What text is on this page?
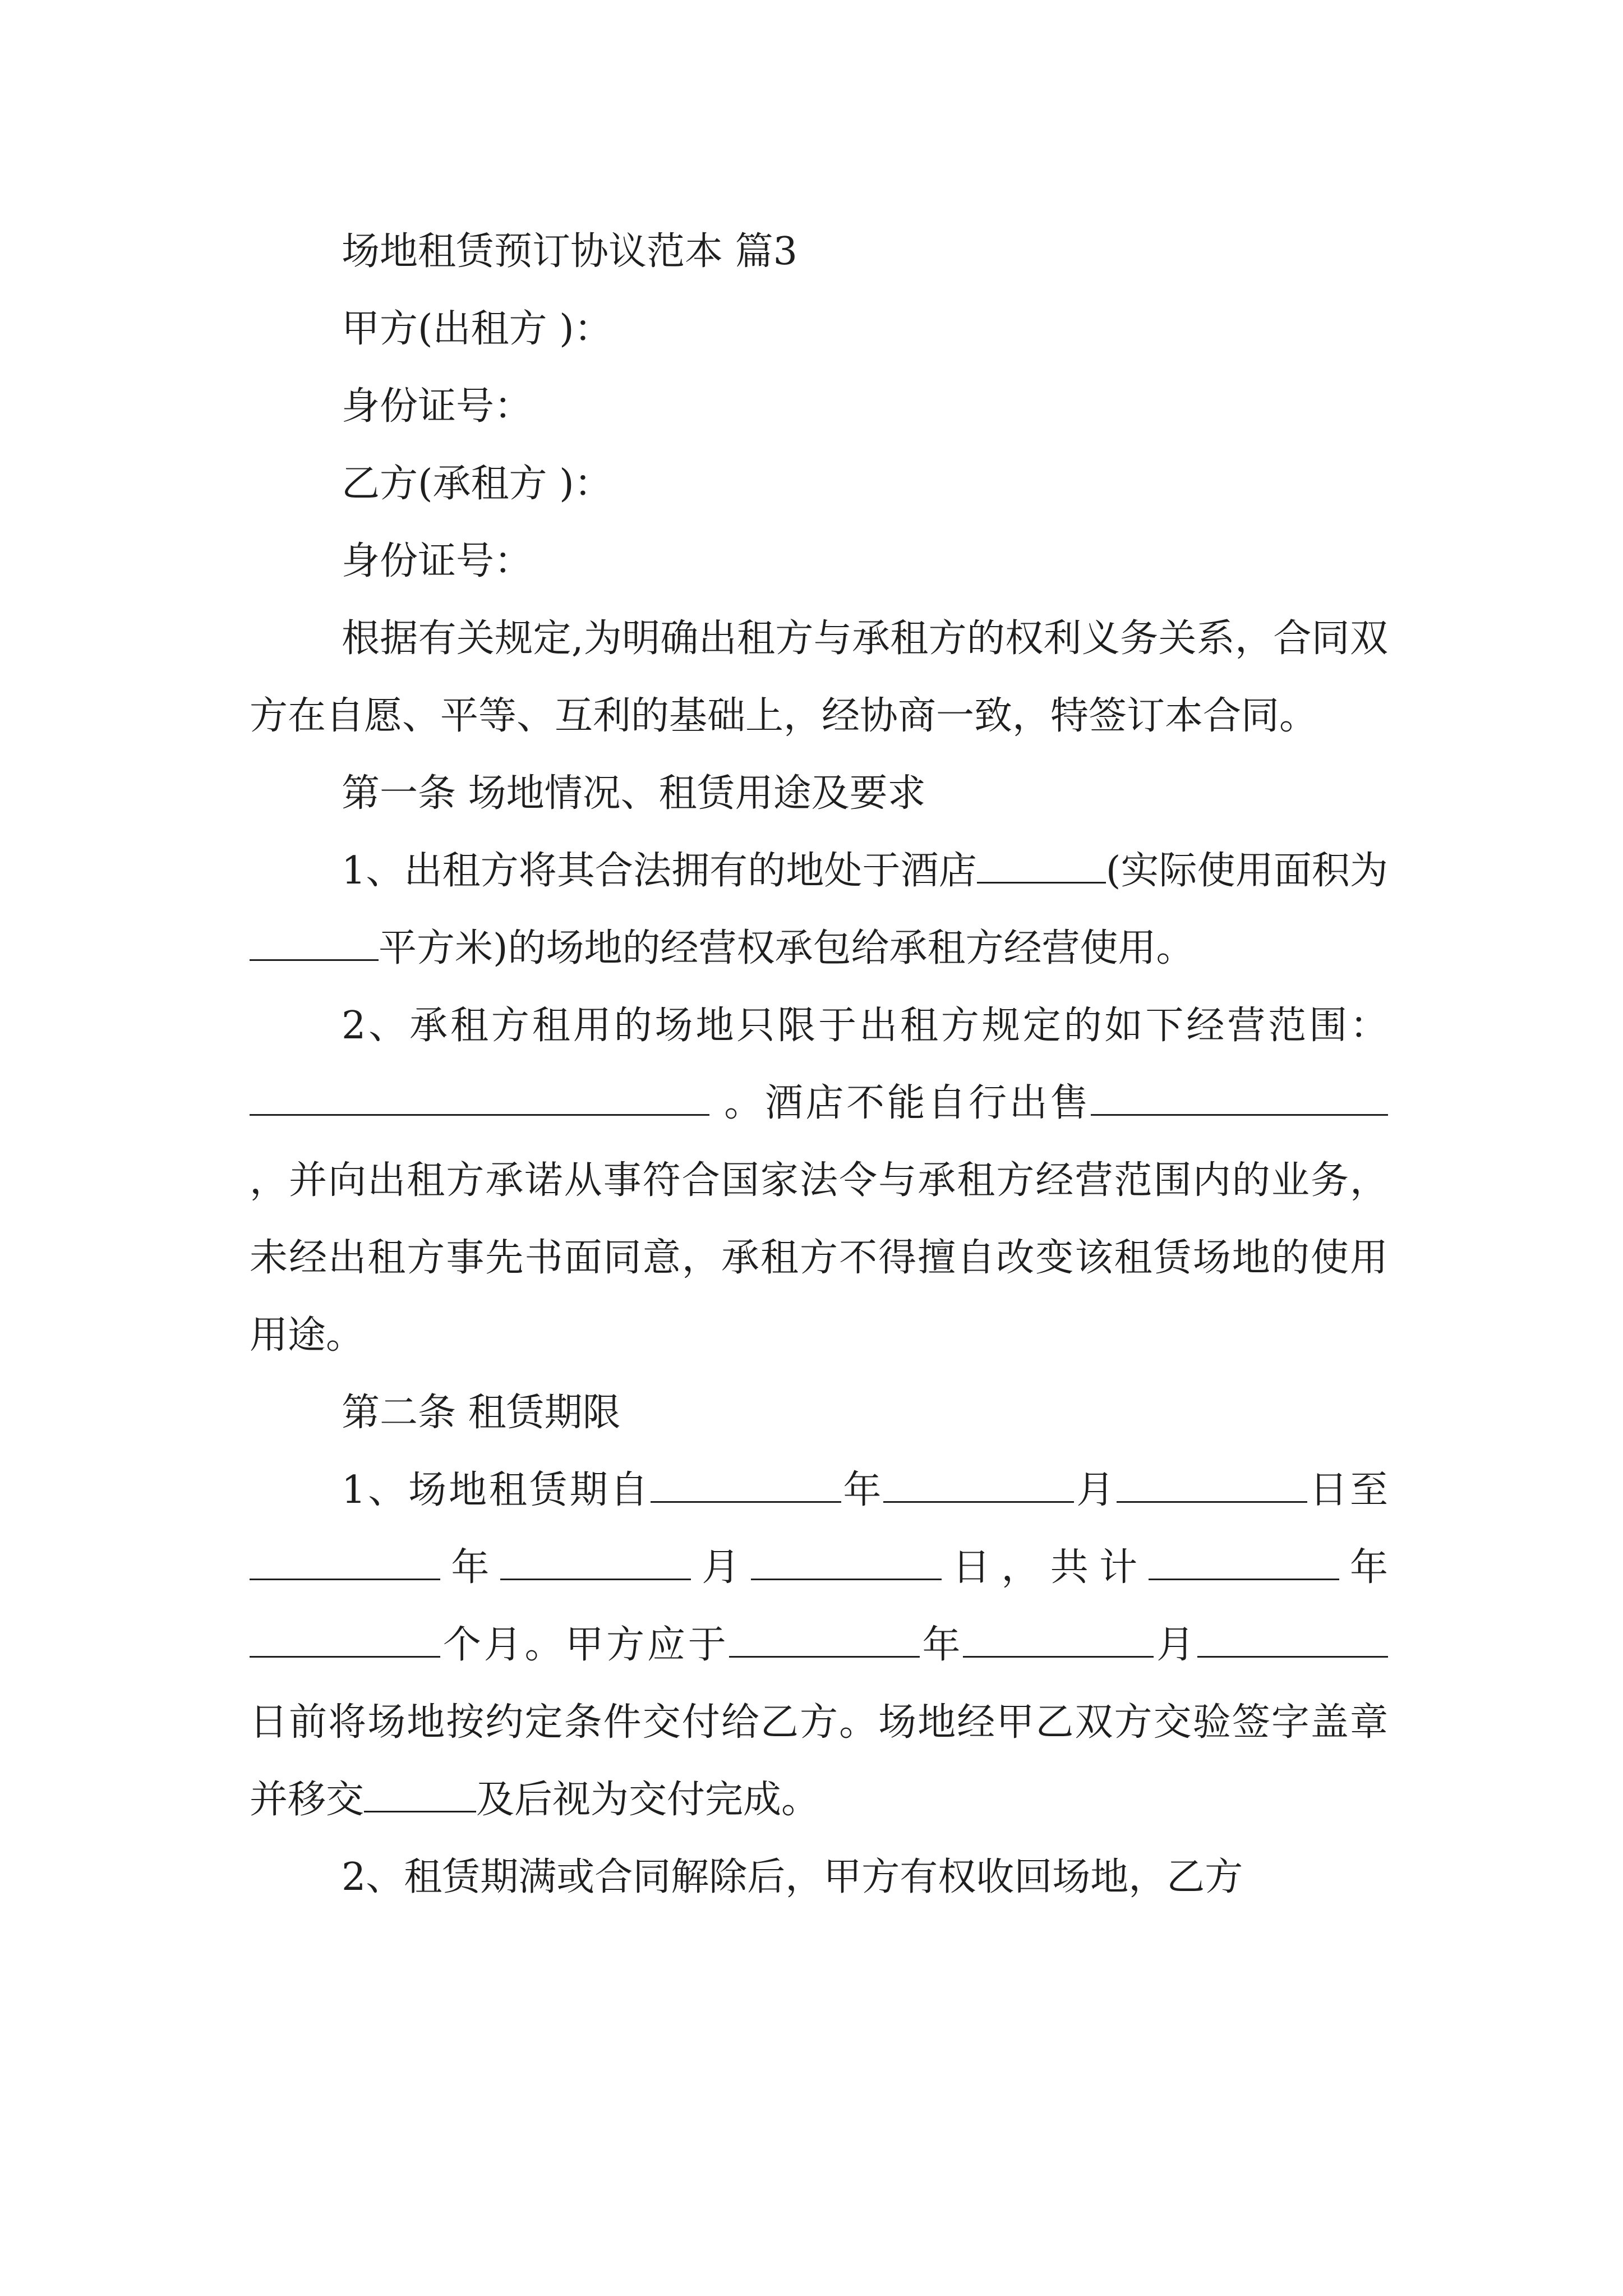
场地租赁预订协议范本 篇3
甲方(出租方 )：
身份证号：
乙方(承租方 )：
身份证号：

根据有关规定,为明确出租方与承租方的权利义务关系，合同双方在自愿、平等、互利的基础上，经协商一致，特签订本合同。

第一条 场地情况、租赁用途及要求

1、出租方将其合法拥有的地处于酒店	(实际使用面积为平方米)的场地的经营权承包给承租方经营使用。

2、承租方租用的场地只限于出租方规定的如下经营范围：  。酒店不能自行出售，并向出租方承诺从事符合国家法令与承租方经营范围内的业务，未经出租方事先书面同意，承租方不得擅自改变该租赁场地的使用用途。

第二条 租赁期限

1、场地租赁期自	年	月	日至年	月	日，共计	年个月。甲方应于	年	月日前将场地按约定条件交付给乙方。场地经甲乙双方交验签字盖章并移交	及后视为交付完成。

2、租赁期满或合同解除后，甲方有权收回场地，乙方
